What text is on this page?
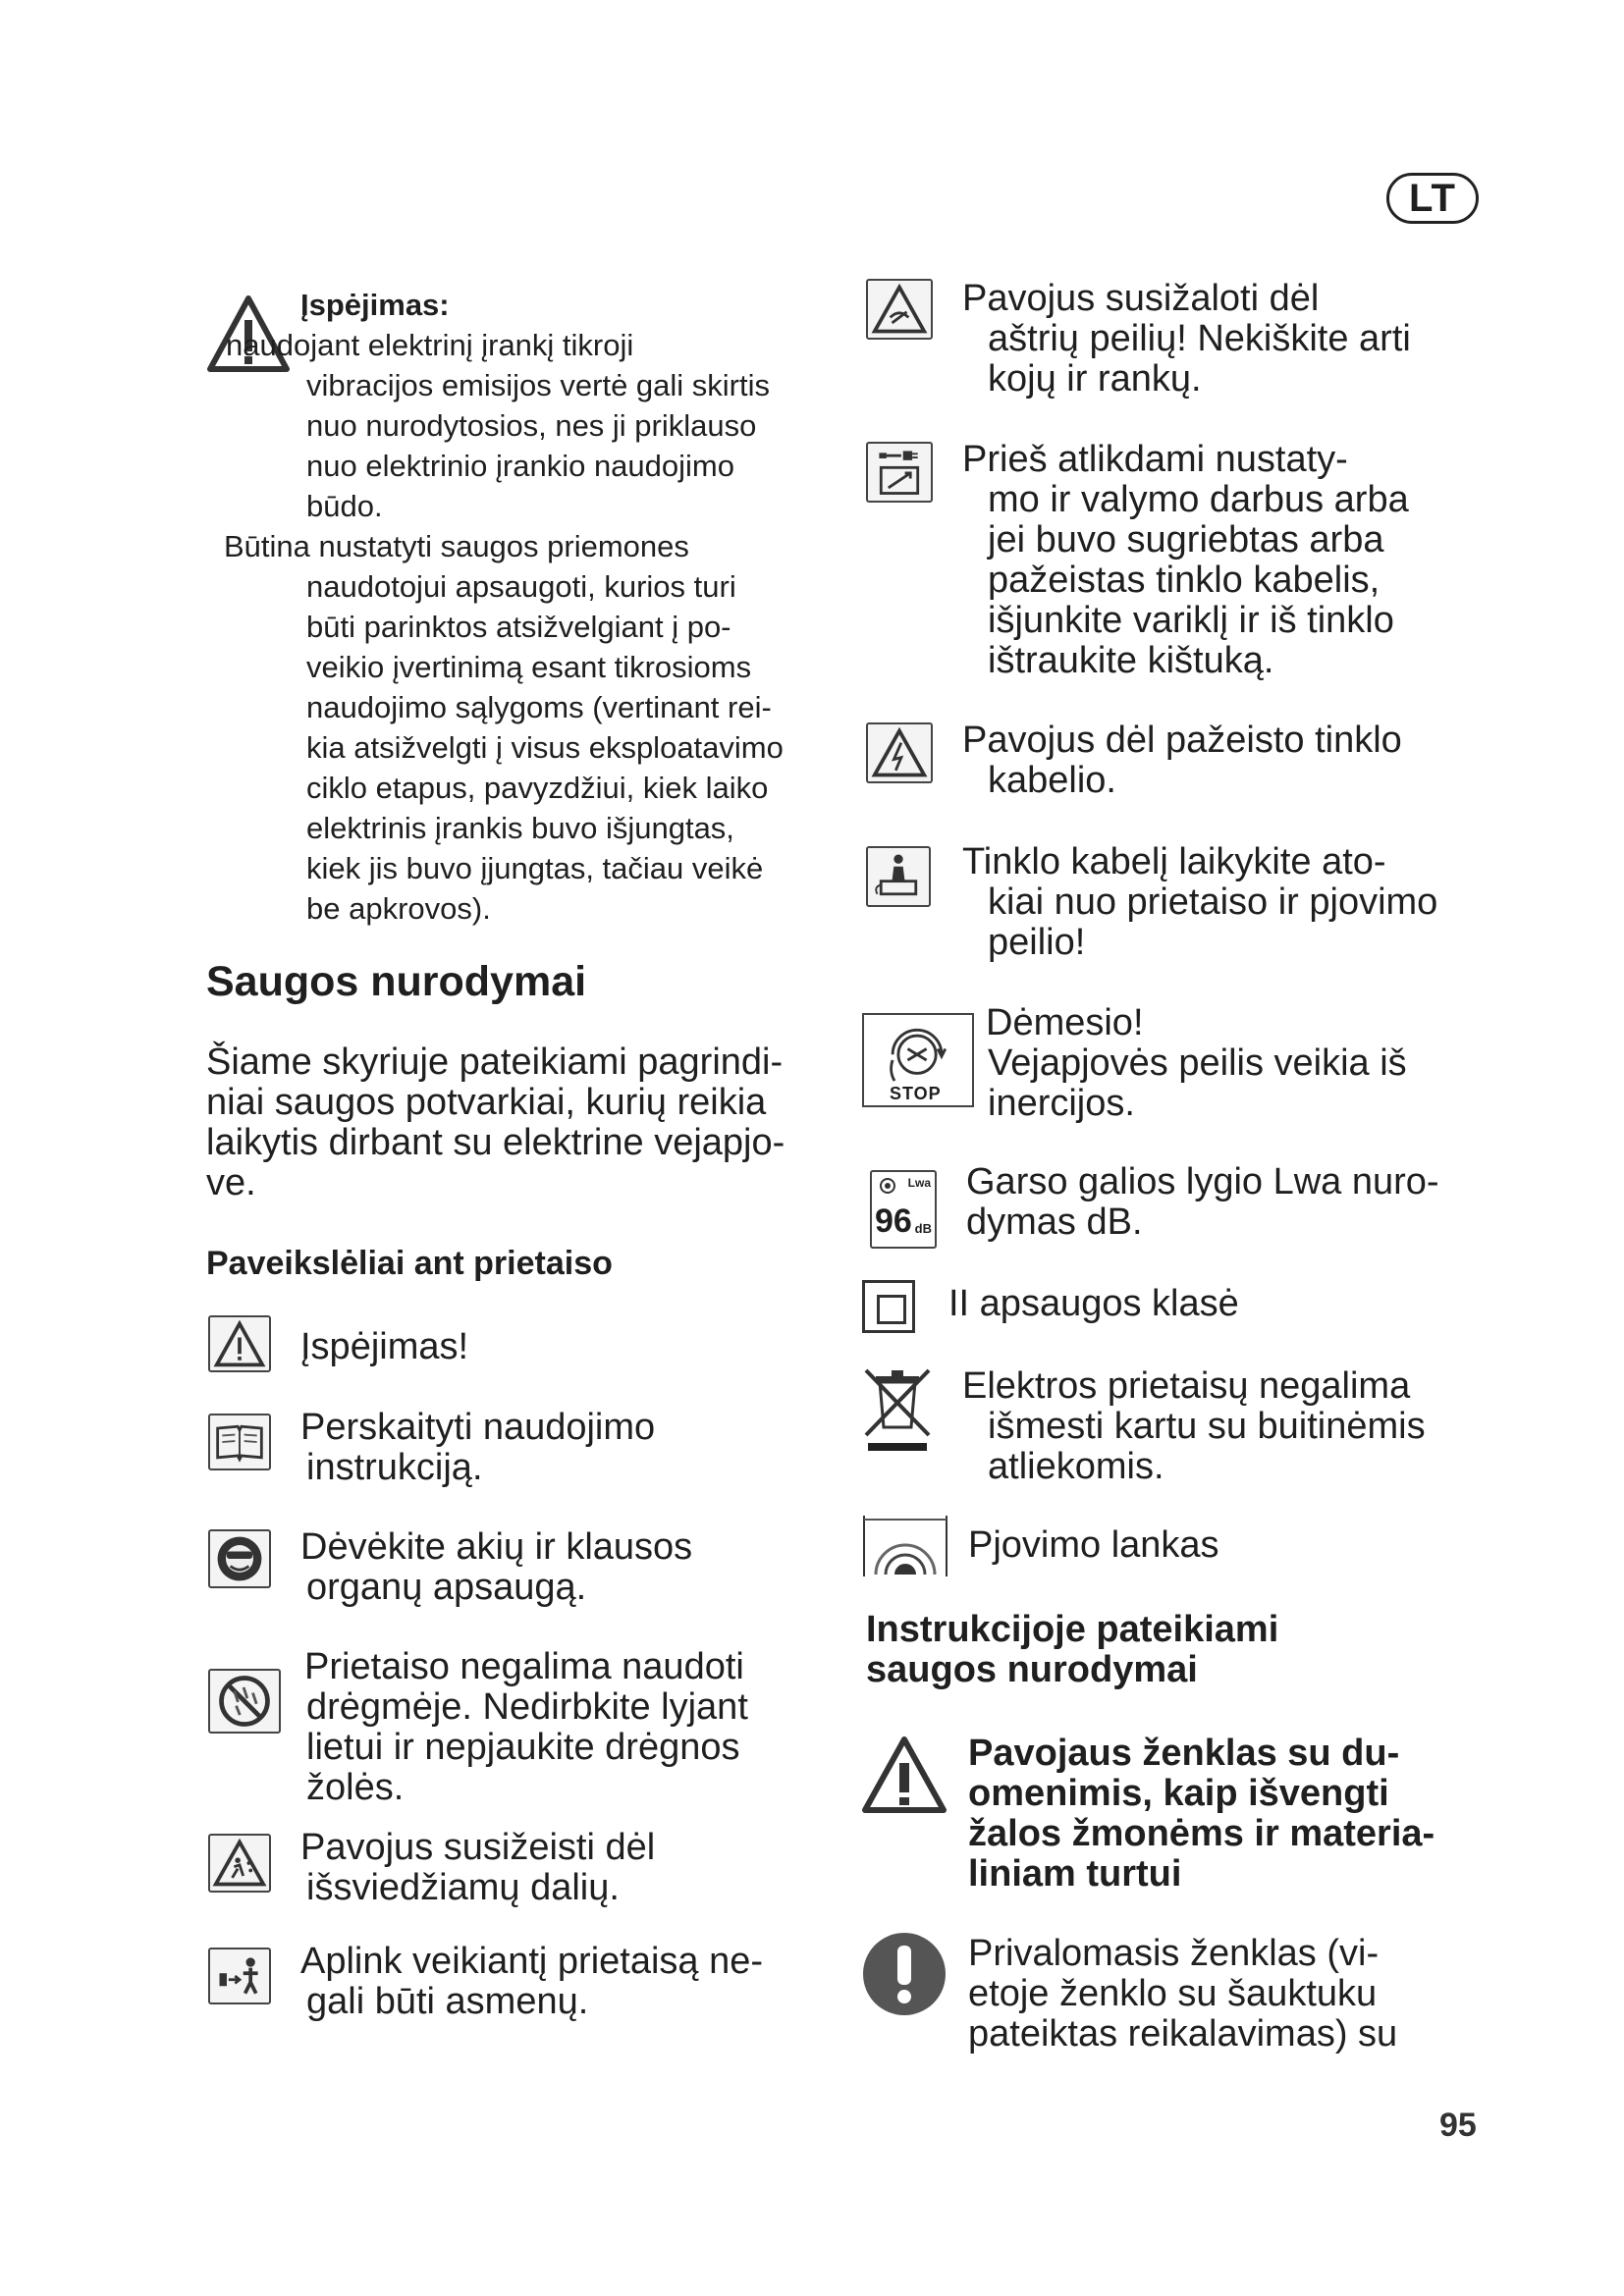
LT
Įspėjimas:
naudojant elektrinį įrankį tikroji
vibracijos emisijos vertė gali skirtis
nuo nurodytosios, nes ji priklauso
nuo elektrinio įrankio naudojimo
būdo.
Būtina nustatyti saugos priemones
naudotojui apsaugoti, kurios turi
būti parinktos atsižvelgiant į po-
veikio įvertinimą esant tikrosioms
naudojimo sąlygoms (vertinant rei-
kia atsižvelgti į visus eksploatavimo
ciklo etapus, pavyzdžiui, kiek laiko
elektrinis įrankis buvo išjungtas,
kiek jis buvo įjungtas, tačiau veikė
be apkrovos).
Saugos nurodymai
Šiame skyriuje pateikiami pagrindi-
niai saugos potvarkiai, kurių reikia
laikytis dirbant su elektrine vejapjo-
ve.
Paveikslėliai ant prietaiso
Įspėjimas!
Perskaityti naudojimo
instrukciją.
Dėvėkite akių ir klausos
organų apsaugą.
Prietaiso negalima naudoti
drėgmėje. Nedirbkite lyjant
lietui ir nepjaukite drėgnos
žolės.
Pavojus susižeisti dėl
išsviedžiamų dalių.
Aplink veikiantį prietaisą ne-
gali būti asmenų.
Pavojus susižaloti dėl
aštrių peilių! Nekiškite arti
kojų ir rankų.
Prieš atlikdami nustaty-
mo ir valymo darbus arba
jei buvo sugriebtas arba
pažeistas tinklo kabelis,
išjunkite variklį ir iš tinklo
ištraukite kištuką.
Pavojus dėl pažeisto tinklo
kabelio.
Tinklo kabelį laikykite ato-
kiai nuo prietaiso ir pjovimo
peilio!
STOP
Dėmesio!
Vejapjovės peilis veikia iš
inercijos.
Lwa
96 dB
Garso galios lygio Lwa nuro-
dymas dB.
II apsaugos klasė
Elektros prietaisų negalima
išmesti kartu su buitinėmis
atliekomis.
Pjovimo lankas
Instrukcijoje pateikiami
saugos nurodymai
Pavojaus ženklas su du-
omenimis, kaip išvengti
žalos žmonėms ir materia-
liniam turtui
Privalomasis ženklas (vi-
etoje ženklo su šauktuku
pateiktas reikalavimas) su
95
